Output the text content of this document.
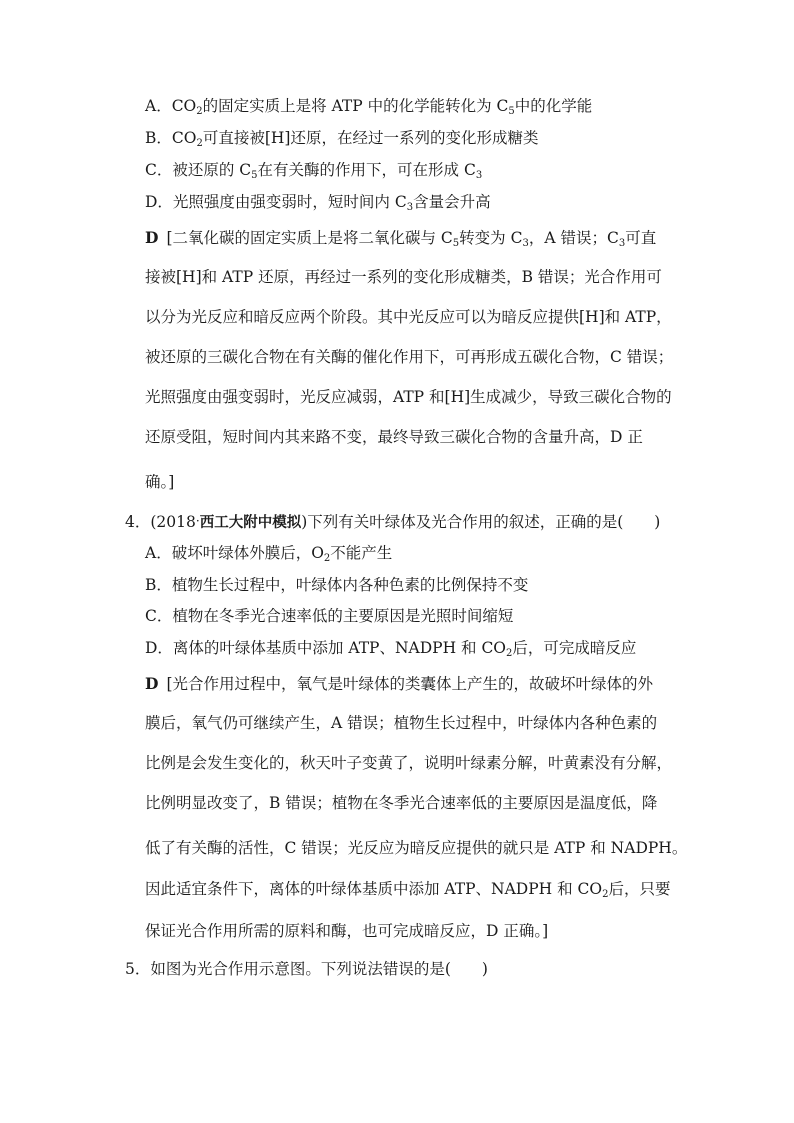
A．$CO_2$的固定实质上是将 ATP 中的化学能转化为 $C_5$中的化学能
B．$CO_2$可直接被[H]还原，在经过一系列的变化形成糖类
C．被还原的 $C_5$在有关酶的作用下，可在形成 $C_3$
D．光照强度由强变弱时，短时间内 $C_3$含量会升高
D [二氧化碳的固定实质上是将二氧化碳与 $C_5$转变为 $C_3$，A 错误；$C_3$可直
接被[H]和 ATP 还原，再经过一系列的变化形成糖类，B 错误；光合作用可
以分为光反应和暗反应两个阶段。其中光反应可以为暗反应提供[H]和 ATP，
被还原的三碳化合物在有关酶的催化作用下，可再形成五碳化合物，C 错误；
光照强度由强变弱时，光反应减弱，ATP 和[H]生成减少，导致三碳化合物的
还原受阻，短时间内其来路不变，最终导致三碳化合物的含量升高，D 正
确。]
4．(2018·西工大附中模拟)下列有关叶绿体及光合作用的叙述，正确的是(　　)
A．破坏叶绿体外膜后，$O_2$不能产生
B．植物生长过程中，叶绿体内各种色素的比例保持不变
C．植物在冬季光合速率低的主要原因是光照时间缩短
D．离体的叶绿体基质中添加 ATP、NADPH 和 $CO_2$后，可完成暗反应
D [光合作用过程中，氧气是叶绿体的类囊体上产生的，故破坏叶绿体的外
膜后，氧气仍可继续产生，A 错误；植物生长过程中，叶绿体内各种色素的
比例是会发生变化的，秋天叶子变黄了，说明叶绿素分解，叶黄素没有分解，
比例明显改变了，B 错误；植物在冬季光合速率低的主要原因是温度低，降
低了有关酶的活性，C 错误；光反应为暗反应提供的就只是 ATP 和 NADPH。
因此适宜条件下，离体的叶绿体基质中添加 ATP、NADPH 和 $CO_2$后，只要
保证光合作用所需的原料和酶，也可完成暗反应，D 正确。]
5．如图为光合作用示意图。下列说法错误的是(　　)
